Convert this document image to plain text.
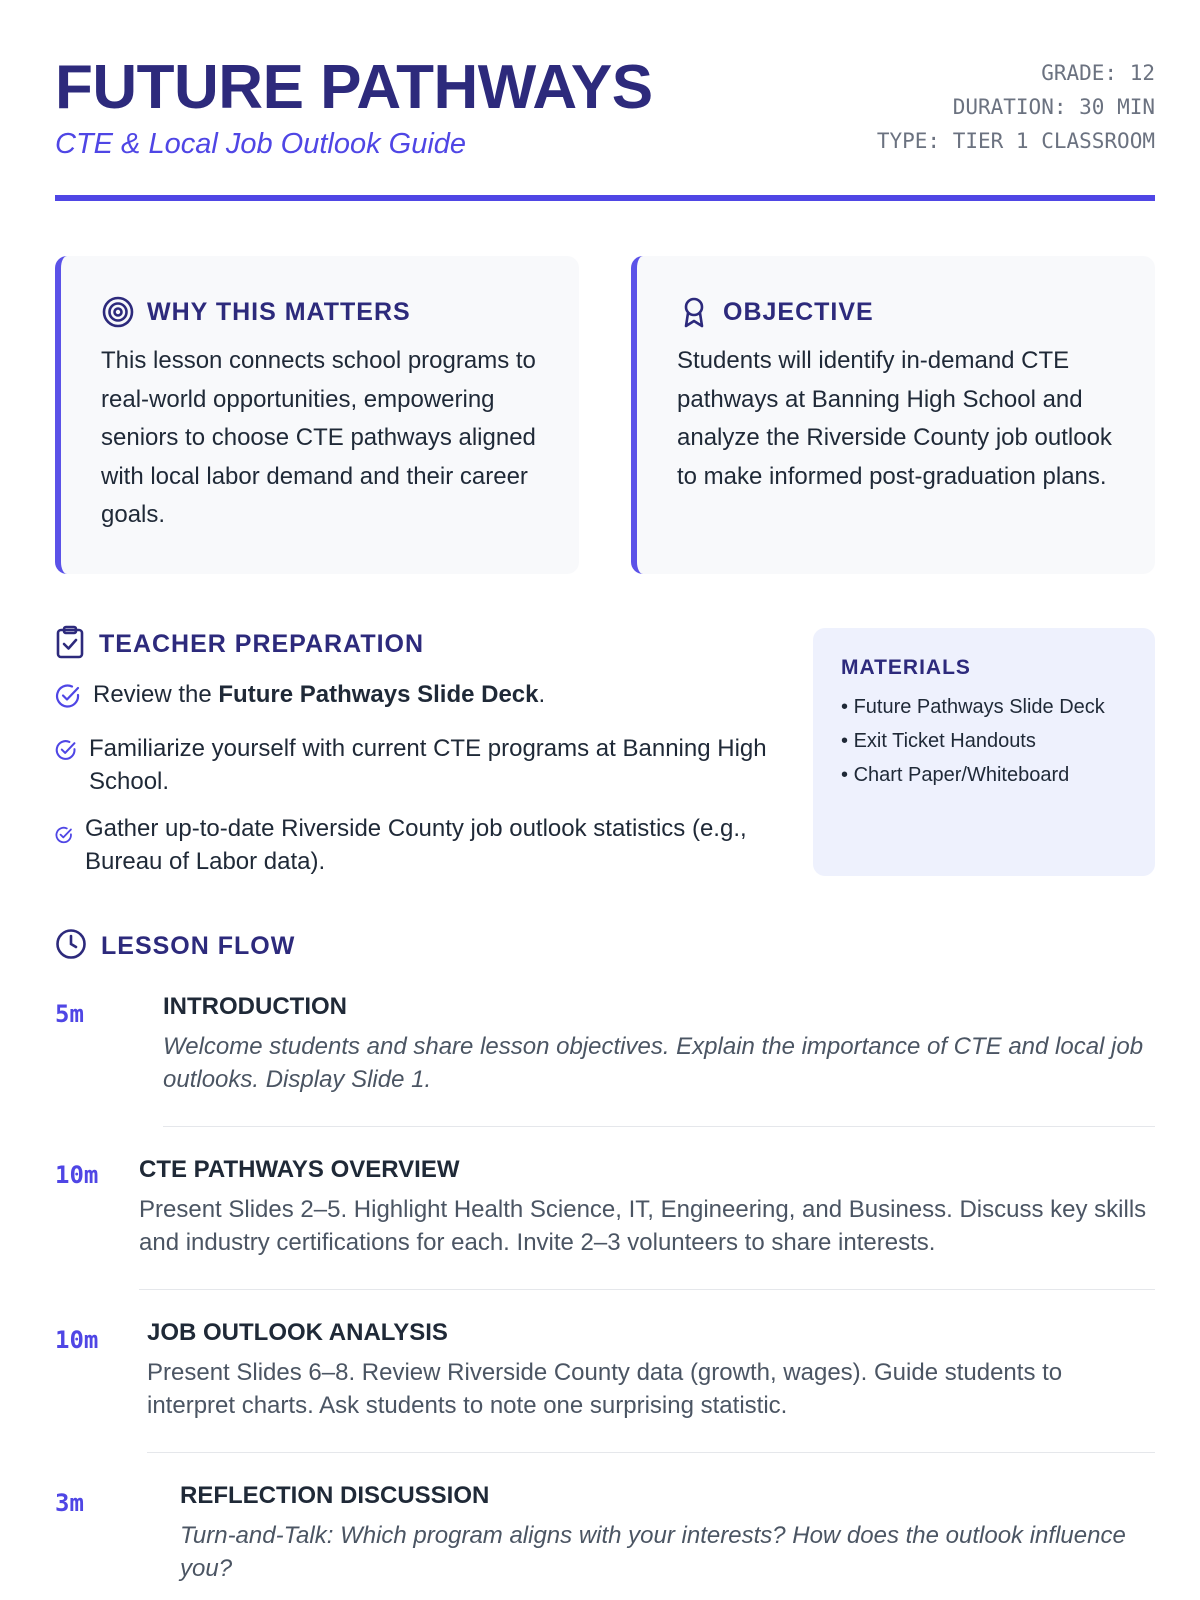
FUTURE PATHWAYS
CTE & Local Job Outlook Guide
GRADE: 12
DURATION: 30 MIN
TYPE: TIER 1 CLASSROOM
WHY THIS MATTERS
This lesson connects school programs to real-world opportunities, empowering seniors to choose CTE pathways aligned with local labor demand and their career goals.
OBJECTIVE
Students will identify in-demand CTE pathways at Banning High School and analyze the Riverside County job outlook to make informed post-graduation plans.
TEACHER PREPARATION
Review the Future Pathways Slide Deck.
Familiarize yourself with current CTE programs at Banning High School.
Gather up-to-date Riverside County job outlook statistics (e.g., Bureau of Labor data).
MATERIALS
• Future Pathways Slide Deck
• Exit Ticket Handouts
• Chart Paper/Whiteboard
LESSON FLOW
5m	INTRODUCTION
Welcome students and share lesson objectives. Explain the importance of CTE and local job outlooks. Display Slide 1.
10m CTE PATHWAYS OVERVIEW
Present Slides 2–5. Highlight Health Science, IT, Engineering, and Business. Discuss key skills and industry certifications for each. Invite 2–3 volunteers to share interests.
10m JOB OUTLOOK ANALYSIS
Present Slides 6–8. Review Riverside County data (growth, wages). Guide students to interpret charts. Ask students to note one surprising statistic.
3m	REFLECTION DISCUSSION
Turn-and-Talk: Which program aligns with your interests? How does the outlook influence you?
